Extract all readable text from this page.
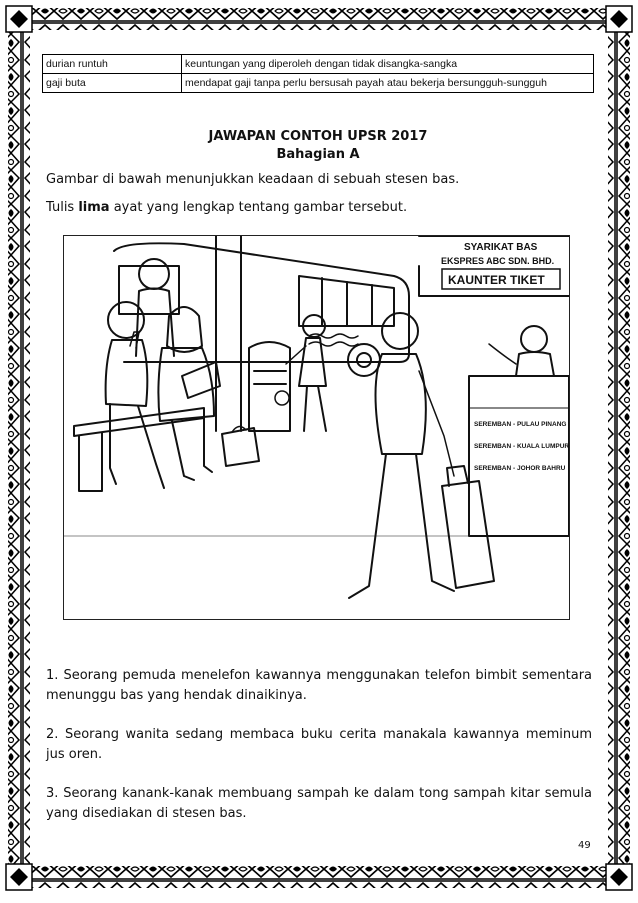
durian runtuh	keuntungan yang diperoleh dengan tidak disangka-sangka
gaji buta	mendapat gaji tanpa perlu bersusah payah atau bekerja bersungguh-sungguh
JAWAPAN CONTOH UPSR 2017
Bahagian A
Gambar di bawah menunjukkan keadaan di sebuah stesen bas.
Tulis lima ayat yang lengkap tentang gambar tersebut.
SYARIKAT BAS
EKSPRES ABC SDN. BHD.
KAUNTER TIKET
SEREMBAN - PULAU PINANG
SEREMBAN - KUALA LUMPUR
SEREMBAN - JOHOR BAHRU
1. Seorang pemuda menelefon kawannya menggunakan telefon bimbit sementara menunggu bas yang hendak dinaikinya.
2. Seorang wanita sedang membaca buku cerita manakala kawannya meminum jus oren.
3. Seorang kanank-kanak membuang sampah ke dalam tong sampah kitar semula yang disediakan di stesen bas.
49
